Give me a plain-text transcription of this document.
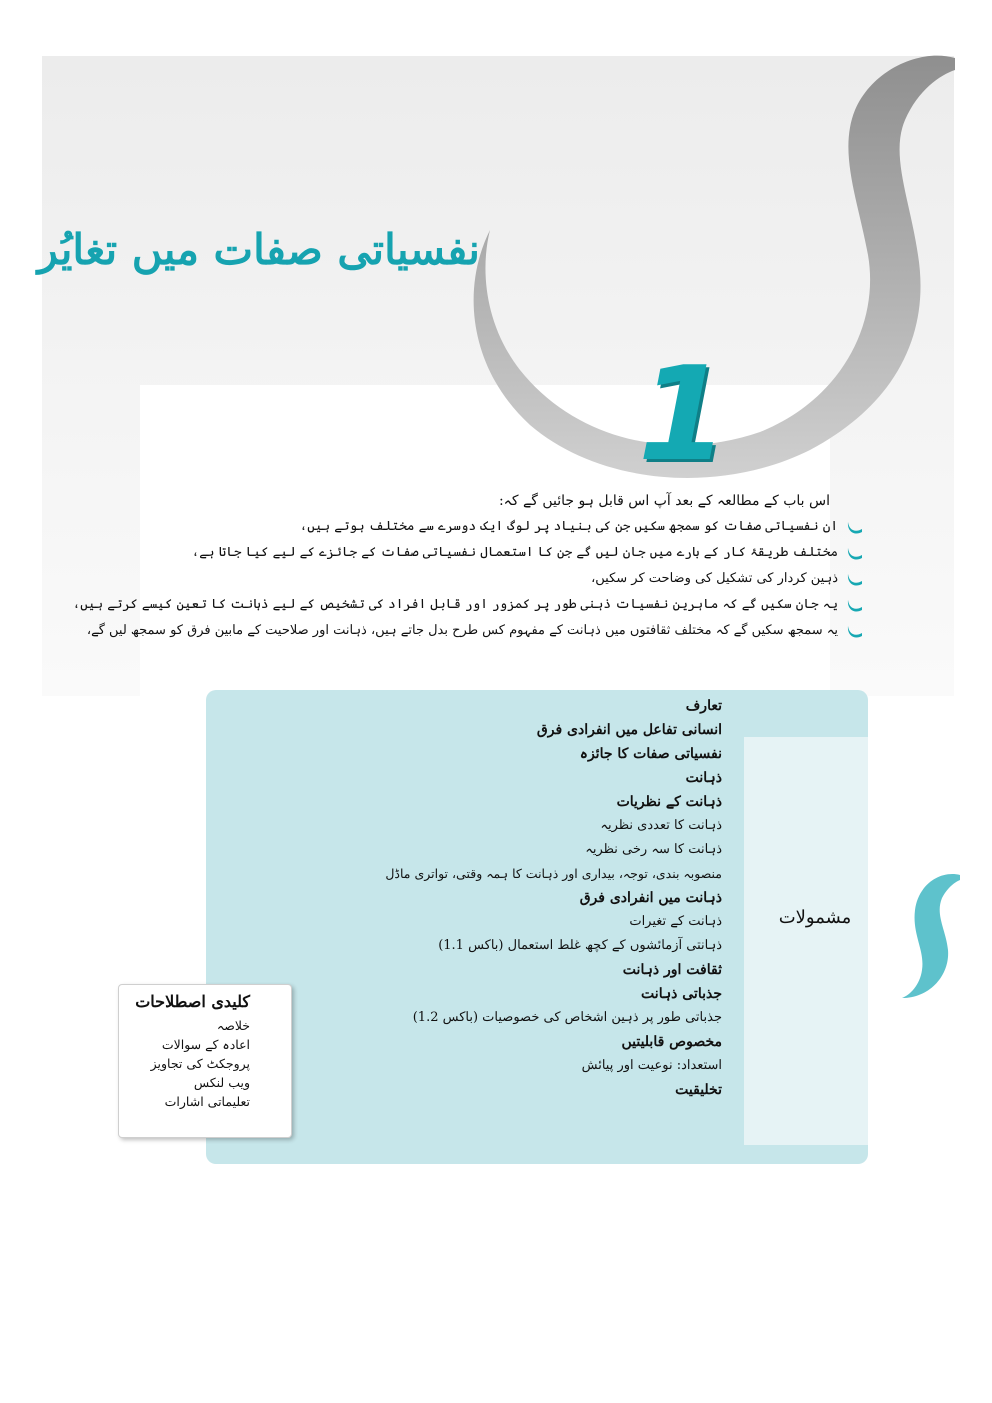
نفسیاتی صفات میں تغایُر
1
اس باب کے مطالعہ کے بعد آپ اس قابل ہو جائیں گے کہ:
ان نفسیاتی صفات کو سمجھ سکیں جن کی بنیاد پر لوگ ایک دوسرے سے مختلف ہوتے ہیں،
مختلف طریقۂ کار کے بارے میں جان لیں گے جن کا استعمال نفسیاتی صفات کے جائزے کے لیے کیا جاتا ہے،
ذہین کردار کی تشکیل کی وضاحت کر سکیں،
یہ جان سکیں گے کہ ماہرین نفسیات ذہنی طور پر کمزور اور قابل افراد کی تشخیص کے لیے ذہانت کا تعین کیسے کرتے ہیں،
یہ سمجھ سکیں گے کہ مختلف ثقافتوں میں ذہانت کے مفہوم کس طرح بدل جاتے ہیں، ذہانت اور صلاحیت کے مابین فرق کو سمجھ لیں گے،
مشمولات
تعارف
انسانی تفاعل میں انفرادی فرق
نفسیاتی صفات کا جائزہ
ذہانت
ذہانت کے نظریات
ذہانت کا تعددی نظریہ
ذہانت کا سہ رخی نظریہ
منصوبہ بندی، توجہ، بیداری اور ذہانت کا ہمہ وقتی، تواتری ماڈل
ذہانت میں انفرادی فرق
ذہانت کے تغیرات
ذہانتی آزمائشوں کے کچھ غلط استعمال (باکس 1.1)
ثقافت اور ذہانت
جذباتی ذہانت
جذباتی طور پر ذہین اشخاص کی خصوصیات (باکس 1.2)
مخصوص قابلیتیں
استعداد: نوعیت اور پیائش
تخلیقیت
کلیدی اصطلاحات
خلاصہ
اعادہ کے سوالات
پروجکٹ کی تجاویز
ویب لنکس
تعلیماتی اشارات
